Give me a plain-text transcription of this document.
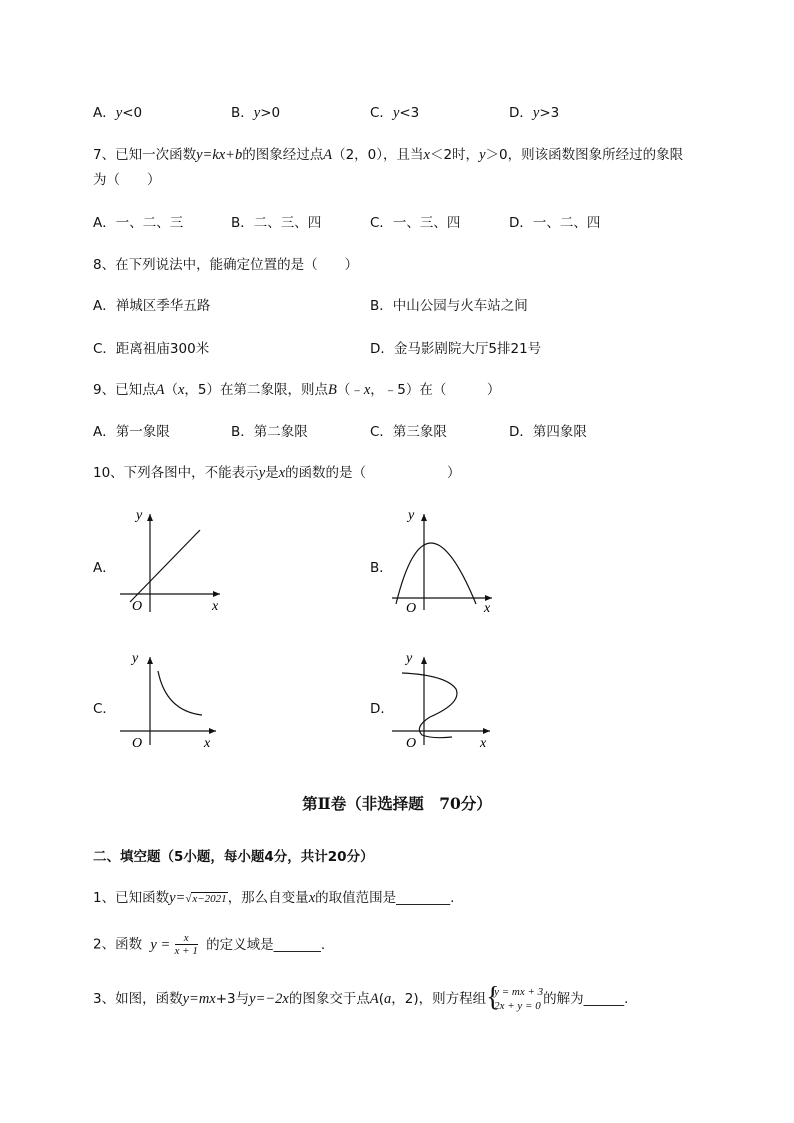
A．y<0	B．y>0	C．y<3	D．y>3
7、已知一次函数y=kx+b的图象经过点A（2，0），且当x＜2时，y＞0，则该函数图象所经过的象限
为（　　）
A．一、二、三	B．二、三、四	C．一、三、四	D．一、二、四
8、在下列说法中，能确定位置的是（　　）
A．禅城区季华五路	B．中山公园与火车站之间
C．距离祖庙300米	D．金马影剧院大厅5排21号
9、已知点A（x，5）在第二象限，则点B（﹣x，﹣5）在（　　　）
A．第一象限	B．第二象限	C．第三象限	D．第四象限
10、下列各图中，不能表示y是x的函数的是（　　　　　　）
A．
x
y
O
B．
x
y
O
C．
x
y
O
D．
x
y
O
第Ⅱ卷（非选择题　70分）
二、填空题（5小题，每小题4分，共计20分）
1、已知函数y=√x−2021，那么自变量x的取值范围是________.
2、函数 $y = \frac{x}{x + 1}$ 的定义域是_______.
3、如图，函数y=mx+3与y=−2x的图象交于点A(a，2)，则方程组 {
y = mx + 3
2x + y = 0 的解为______.
